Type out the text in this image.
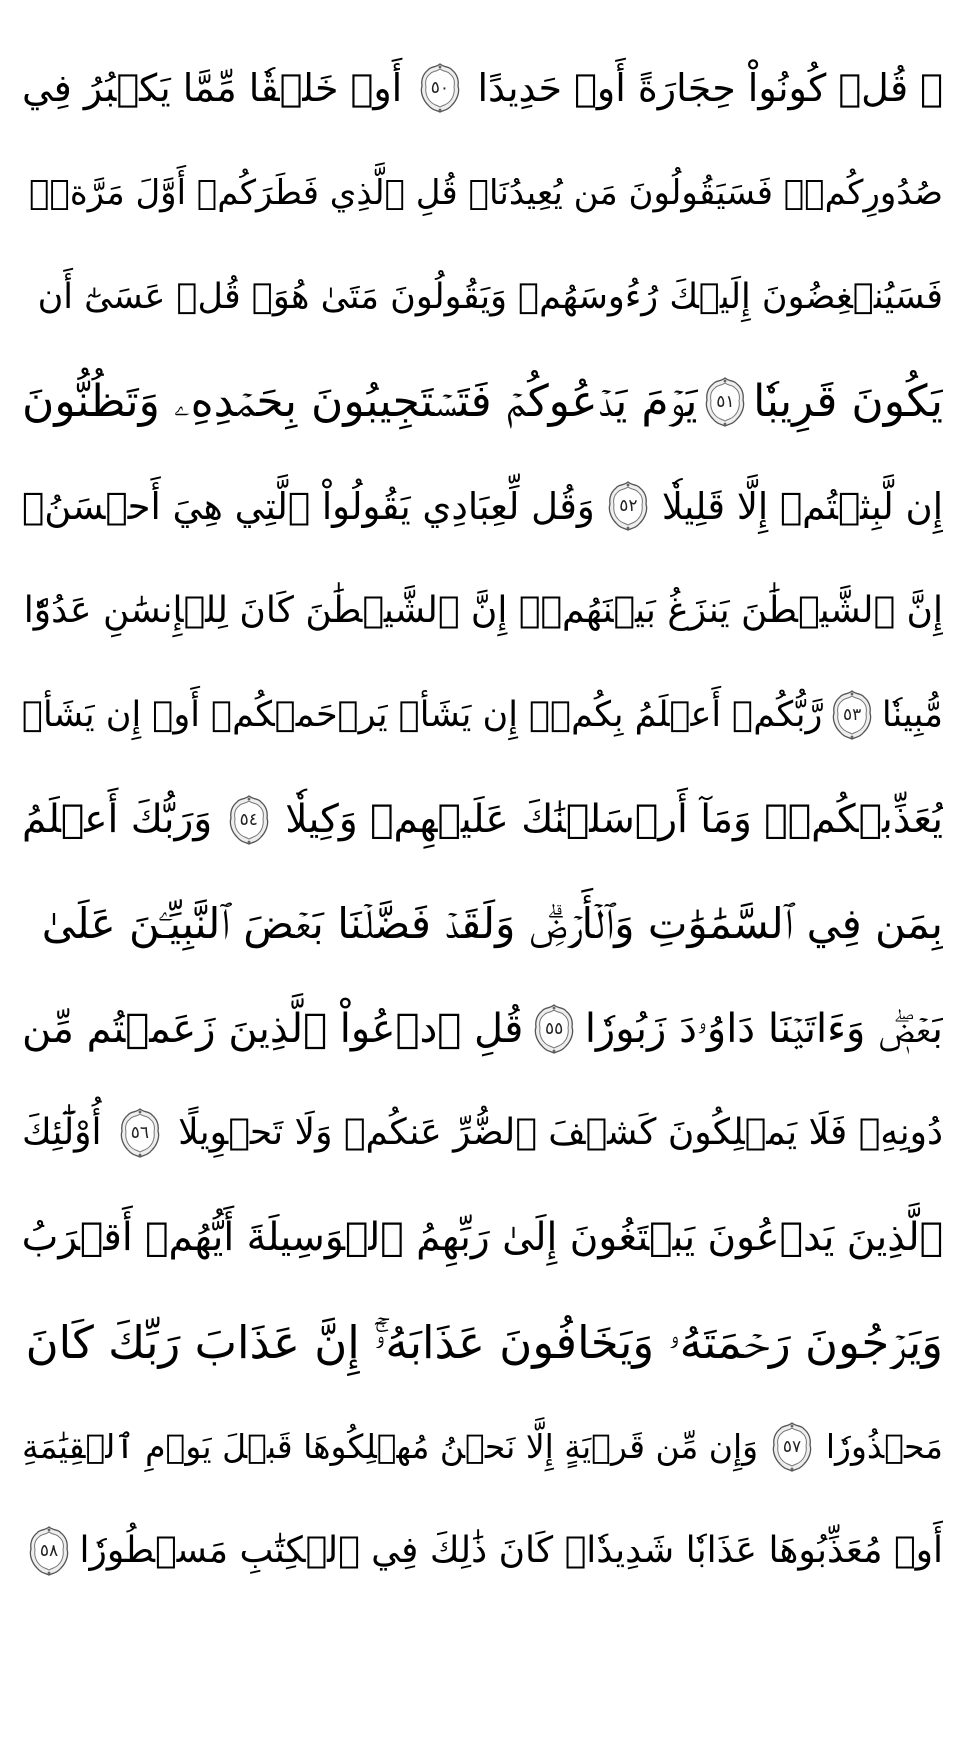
۞ قُلۡ كُونُواْ حِجَارَةً أَوۡ حَدِيدًا
٥٠
أَوۡ خَلۡقٗا مِّمَّا يَكۡبُرُ فِي
صُدُورِكُمۡۚ فَسَيَقُولُونَ مَن يُعِيدُنَاۖ قُلِ ٱلَّذِي فَطَرَكُمۡ أَوَّلَ مَرَّةٖۚ
فَسَيُنۡغِضُونَ إِلَيۡكَ رُءُوسَهُمۡ وَيَقُولُونَ مَتَىٰ هُوَۖ قُلۡ عَسَىٰٓ أَن
يَكُونَ قَرِيبٗا
٥١
يَوۡمَ يَدۡعُوكُمۡ فَتَسۡتَجِيبُونَ بِحَمۡدِهِۦ وَتَظُنُّونَ
إِن لَّبِثۡتُمۡ إِلَّا قَلِيلٗا
٥٢
وَقُل لِّعِبَادِي يَقُولُواْ ٱلَّتِي هِيَ أَحۡسَنُۚ
إِنَّ ٱلشَّيۡطَٰنَ يَنزَغُ بَيۡنَهُمۡۚ إِنَّ ٱلشَّيۡطَٰنَ كَانَ لِلۡإِنسَٰنِ عَدُوّٗا
مُّبِينٗا
٥٣
رَّبُّكُمۡ أَعۡلَمُ بِكُمۡۖ إِن يَشَأۡ يَرۡحَمۡكُمۡ أَوۡ إِن يَشَأۡ
يُعَذِّبۡكُمۡۚ وَمَآ أَرۡسَلۡنَٰكَ عَلَيۡهِمۡ وَكِيلٗا
٥٤
وَرَبُّكَ أَعۡلَمُ
بِمَن فِي ٱلسَّمَٰوَٰتِ وَٱلۡأَرۡضِۗ وَلَقَدۡ فَضَّلۡنَا بَعۡضَ ٱلنَّبِيِّـۧنَ عَلَىٰ
بَعۡضٖۖ وَءَاتَيۡنَا دَاوُۥدَ زَبُورٗا
٥٥
قُلِ ٱدۡعُواْ ٱلَّذِينَ زَعَمۡتُم مِّن
دُونِهِۦ فَلَا يَمۡلِكُونَ كَشۡفَ ٱلضُّرِّ عَنكُمۡ وَلَا تَحۡوِيلًا
٥٦
أُوْلَٰٓئِكَ
ٱلَّذِينَ يَدۡعُونَ يَبۡتَغُونَ إِلَىٰ رَبِّهِمُ ٱلۡوَسِيلَةَ أَيُّهُمۡ أَقۡرَبُ
وَيَرۡجُونَ رَحۡمَتَهُۥ وَيَخَافُونَ عَذَابَهُۥٓۚ إِنَّ عَذَابَ رَبِّكَ كَانَ
مَحۡذُورٗا
٥٧
وَإِن مِّن قَرۡيَةٍ إِلَّا نَحۡنُ مُهۡلِكُوهَا قَبۡلَ يَوۡمِ ٱلۡقِيَٰمَةِ
أَوۡ مُعَذِّبُوهَا عَذَابٗا شَدِيدٗاۚ كَانَ ذَٰلِكَ فِي ٱلۡكِتَٰبِ مَسۡطُورٗا
٥٨
